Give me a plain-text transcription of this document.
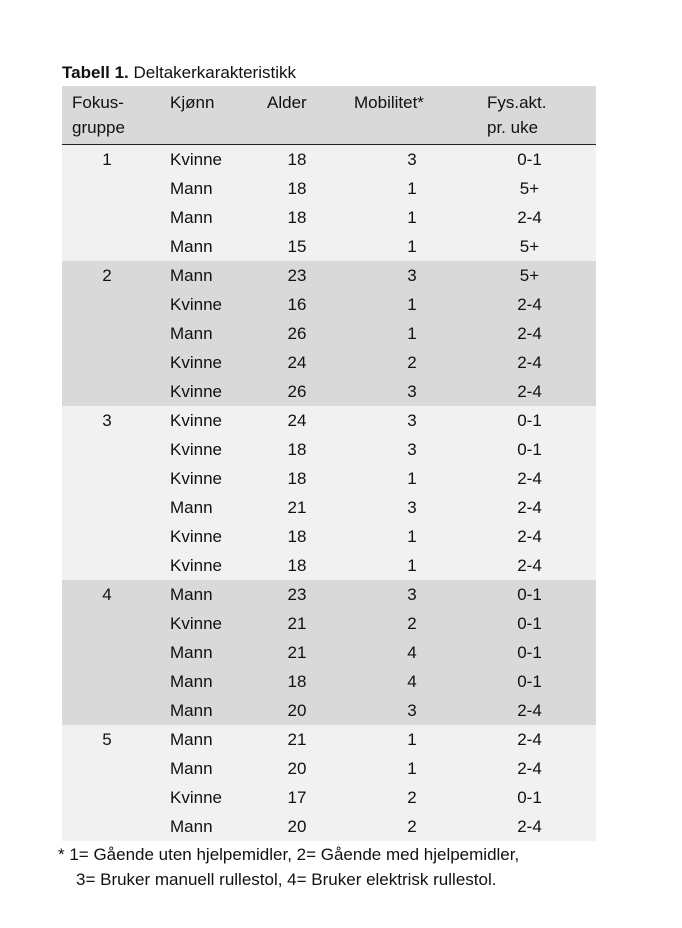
Tabell 1. Deltakerkarakteristikk
Fokus-
gruppe
Kjønn	Alder	Mobilitet*	Fys.akt.
pr. uke
1	Kvinne	18	3	0-1
Mann	18	1	5+
Mann	18	1	2-4
Mann	15	1	5+
2	Mann	23	3	5+
Kvinne	16	1	2-4
Mann	26	1	2-4
Kvinne	24	2	2-4
Kvinne	26	3	2-4
3	Kvinne	24	3	0-1
Kvinne	18	3	0-1
Kvinne	18	1	2-4
Mann	21	3	2-4
Kvinne	18	1	2-4
Kvinne	18	1	2-4
4	Mann	23	3	0-1
Kvinne	21	2	0-1
Mann	21	4	0-1
Mann	18	4	0-1
Mann	20	3	2-4
5	Mann	21	1	2-4
Mann	20	1	2-4
Kvinne	17	2	0-1
Mann	20	2	2-4
* 1= Gående uten hjelpemidler, 2= Gående med hjelpemidler,
3= Bruker manuell rullestol, 4= Bruker elektrisk rullestol.
